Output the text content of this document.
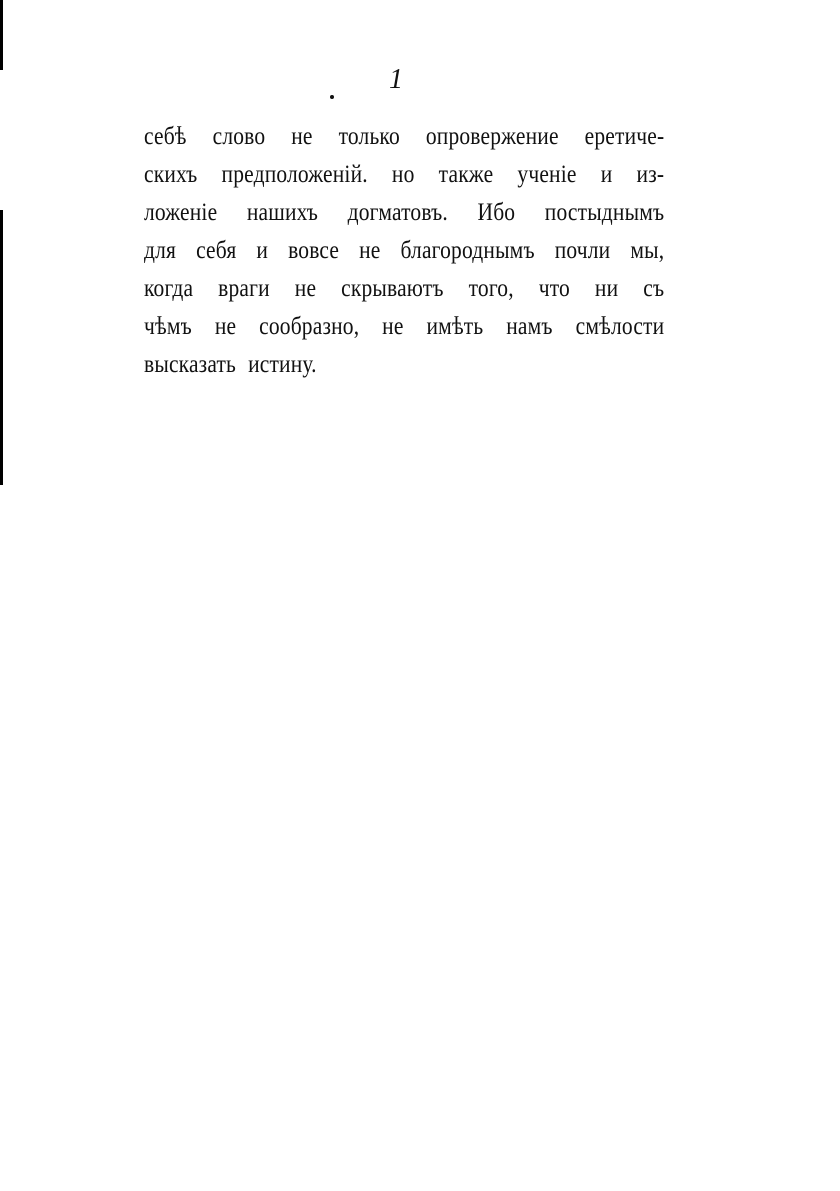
1
себѣ слово не только опровержение еретиче-
скихъ предположеній. но также ученіе и из-
ложеніе нашихъ догматовъ. Ибо постыднымъ
для себя и вовсе не благороднымъ почли мы,
когда враги не скрываютъ того, что ни съ
чѣмъ не сообразно, не имѣть намъ смѣлости
высказать истину.
